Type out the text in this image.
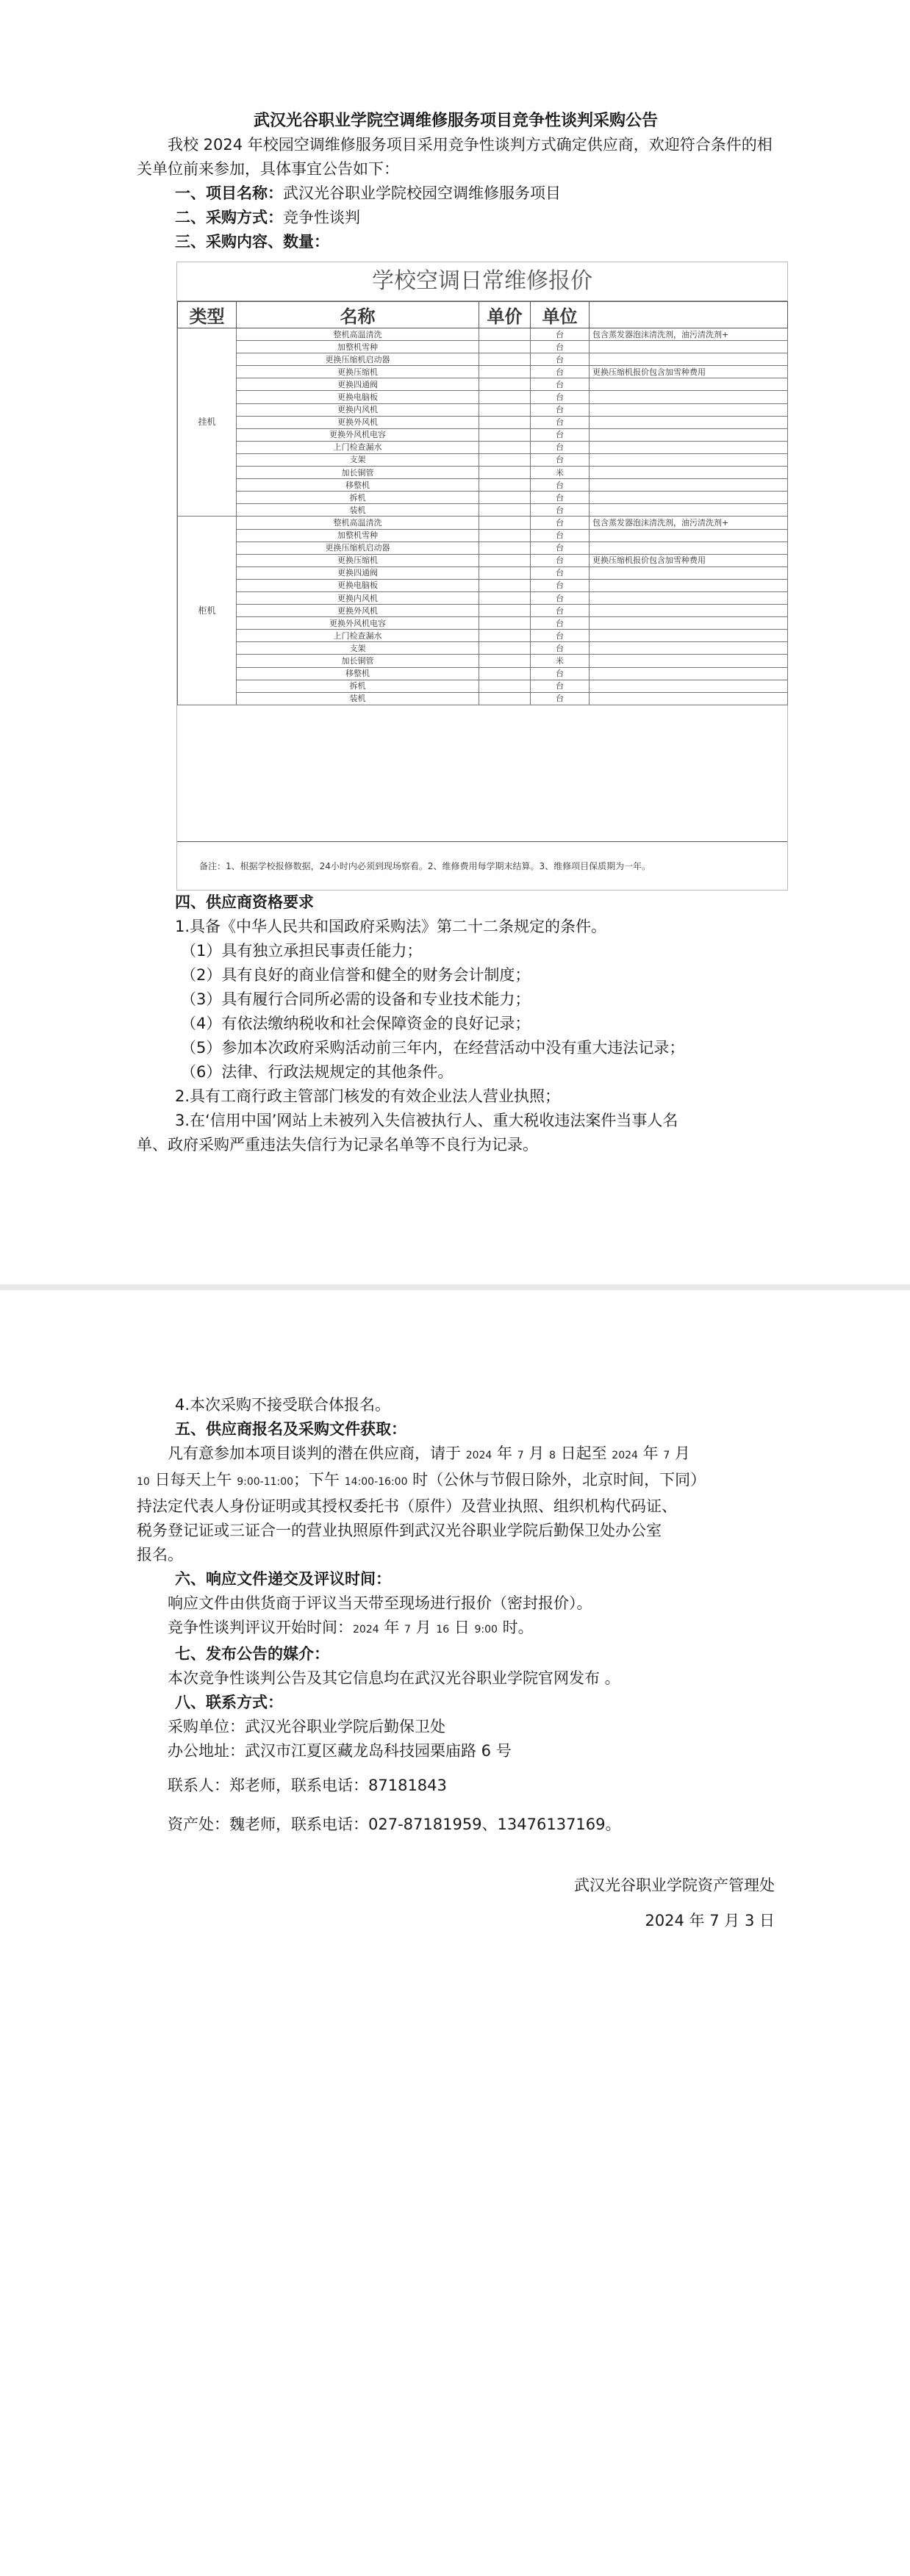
武汉光谷职业学院空调维修服务项目竞争性谈判采购公告

我校 2024 年校园空调维修服务项目采用竞争性谈判方式确定供应商，欢迎符合条件的相关单位前来参加，具体事宜公告如下：

一、项目名称：武汉光谷职业学院校园空调维修服务项目

二、采购方式：竞争性谈判

三、采购内容、数量：

学校空调日常维修报价
类型	名称	单价	单位	
挂机	整机高温清洗		台	包含蒸发器泡沫清洗剂，油污清洗剂+
	加整机雪种		台	
	更换压缩机启动器		台	
	更换压缩机		台	更换压缩机报价包含加雪种费用
	更换四通阀		台	
	更换电脑板		台	
	更换内风机		台	
	更换外风机		台	
	更换外风机电容		台	
	上门检查漏水		台	
	支架		台	
	加长铜管		米	
	移整机		台	
	拆机		台	
	装机		台	
柜机	整机高温清洗		台	包含蒸发器泡沫清洗剂，油污清洗剂+
	加整机雪种		台	
	更换压缩机启动器		台	
	更换压缩机		台	更换压缩机报价包含加雪种费用
	更换四通阀		台	
	更换电脑板		台	
	更换内风机		台	
	更换外风机		台	
	更换外风机电容		台	
	上门检查漏水		台	
	支架		台	
	加长铜管		米	
	移整机		台	
	拆机		台	
	装机		台	
备注：1、根据学校报修数据，24小时内必须到现场察看。2、维修费用每学期末结算。3、维修项目保质期为一年。

四、供应商资格要求

1.具备《中华人民共和国政府采购法》第二十二条规定的条件。

（1）具有独立承担民事责任能力；

（2）具有良好的商业信誉和健全的财务会计制度；

（3）具有履行合同所必需的设备和专业技术能力；

（4）有依法缴纳税收和社会保障资金的良好记录；

（5）参加本次政府采购活动前三年内，在经营活动中没有重大违法记录；

（6）法律、行政法规规定的其他条件。

2.具有工商行政主管部门核发的有效企业法人营业执照；

3.在‘信用中国’网站上未被列入失信被执行人、重大税收违法案件当事人名

单、政府采购严重违法失信行为记录名单等不良行为记录。

4.本次采购不接受联合体报名。

五、供应商报名及采购文件获取：

凡有意参加本项目谈判的潜在供应商，请于 2024 年 7 月 8 日起至 2024 年 7 月
10 日每天上午 9:00-11:00；下午 14:00-16:00 时（公休与节假日除外，北京时间，下同）

持法定代表人身份证明或其授权委托书（原件）及营业执照、组织机构代码证、

税务登记证或三证合一的营业执照原件到武汉光谷职业学院后勤保卫处办公室

报名。

六、响应文件递交及评议时间：

响应文件由供货商于评议当天带至现场进行报价（密封报价）。

竞争性谈判评议开始时间：2024 年 7 月 16 日 9:00 时。

七、发布公告的媒介：

本次竞争性谈判公告及其它信息均在武汉光谷职业学院官网发布 。

八、联系方式：

采购单位：武汉光谷职业学院后勤保卫处

办公地址：武汉市江夏区藏龙岛科技园栗庙路 6 号

联系人：郑老师，联系电话：87181843

资产处：魏老师，联系电话：027-87181959、13476137169。

武汉光谷职业学院资产管理处

2024 年 7 月 3 日
